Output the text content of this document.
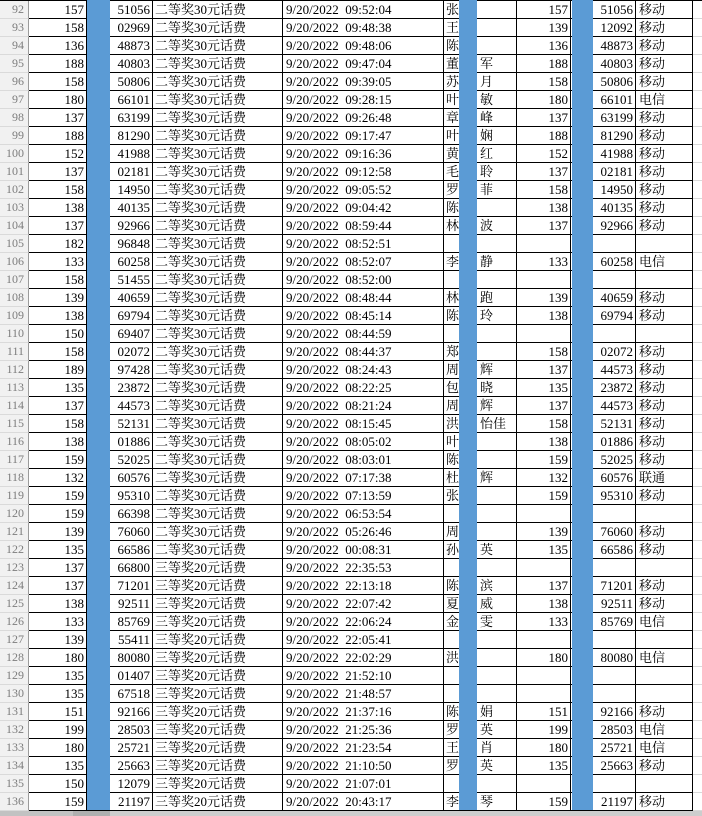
92	157	51056 二等奖30元话费	9/20/2022  09:52:04	张	157	51056 移动
93	158	02969 二等奖30元话费	9/20/2022  09:48:38	王	139	12092 移动
94	136	48873 二等奖30元话费	9/20/2022  09:48:06	陈	136	48873 移动
95	188	40803 二等奖30元话费	9/20/2022  09:47:04	董 军	188	40803 移动
96	158	50806 二等奖30元话费	9/20/2022  09:39:05	苏 月	158	50806 移动
97	180	66101 二等奖30元话费	9/20/2022  09:28:15	叶 敏	180	66101 电信
98	137	63199 二等奖30元话费	9/20/2022  09:26:48	章 峰	137	63199 移动
99	188	81290 二等奖30元话费	9/20/2022  09:17:47	叶 娴	188	81290 移动
100	152	41988 二等奖30元话费	9/20/2022  09:16:36	黄 红	152	41988 移动
101	137	02181 二等奖30元话费	9/20/2022  09:12:58	毛 聆	137	02181 移动
102	158	14950 二等奖30元话费	9/20/2022  09:05:52	罗 菲	158	14950 移动
103	138	40135 二等奖30元话费	9/20/2022  09:04:42	陈	138	40135 移动
104	137	92966 二等奖30元话费	9/20/2022  08:59:44	林 波	137	92966 移动
105	182	96848 二等奖30元话费	9/20/2022  08:52:51
106	133	60258 二等奖30元话费	9/20/2022  08:52:07	李 静	133	60258 电信
107	158	51455 二等奖30元话费	9/20/2022  08:52:00
108	139	40659 二等奖30元话费	9/20/2022  08:48:44	林 跑	139	40659 移动
109	138	69794 二等奖30元话费	9/20/2022  08:45:14	陈 玲	138	69794 移动
110	150	69407 二等奖30元话费	9/20/2022  08:44:59
111	158	02072 二等奖30元话费	9/20/2022  08:44:37	郑	158	02072 移动
112	189	97428 二等奖30元话费	9/20/2022  08:24:43	周 辉	137	44573 移动
113	135	23872 二等奖30元话费	9/20/2022  08:22:25	包 晓	135	23872 移动
114	137	44573 二等奖30元话费	9/20/2022  08:21:24	周 辉	137	44573 移动
115	158	52131 二等奖30元话费	9/20/2022  08:15:45	洪 怡佳	158	52131 移动
116	138	01886 二等奖30元话费	9/20/2022  08:05:02	叶	138	01886 移动
117	159	52025 二等奖30元话费	9/20/2022  08:03:01	陈	159	52025 移动
118	132	60576 二等奖30元话费	9/20/2022  07:17:38	杜 辉	132	60576 联通
119	159	95310 二等奖30元话费	9/20/2022  07:13:59	张	159	95310 移动
120	159	66398 二等奖30元话费	9/20/2022  06:53:54
121	139	76060 二等奖30元话费	9/20/2022  05:26:46	周	139	76060 移动
122	135	66586 二等奖30元话费	9/20/2022  00:08:31	孙 英	135	66586 移动
123	137	66800 三等奖20元话费	9/20/2022  22:35:53
124	137	71201 三等奖20元话费	9/20/2022  22:13:18	陈 滨	137	71201 移动
125	138	92511 三等奖20元话费	9/20/2022  22:07:42	夏 威	138	92511 移动
126	133	85769 三等奖20元话费	9/20/2022  22:06:24	金 雯	133	85769 电信
127	139	55411 三等奖20元话费	9/20/2022  22:05:41
128	180	80080 三等奖20元话费	9/20/2022  22:02:29	洪	180	80080 电信
129	135	01407 三等奖20元话费	9/20/2022  21:52:10
130	135	67518 三等奖20元话费	9/20/2022  21:48:57
131	151	92166 三等奖20元话费	9/20/2022  21:37:16	陈 娟	151	92166 移动
132	199	28503 三等奖20元话费	9/20/2022  21:25:36	罗 英	199	28503 电信
133	180	25721 三等奖20元话费	9/20/2022  21:23:54	王 肖	180	25721 电信
134	135	25663 三等奖20元话费	9/20/2022  21:10:50	罗 英	135	25663 移动
135	150	12079 三等奖20元话费	9/20/2022  21:07:01
136	159	21197 三等奖20元话费	9/20/2022  20:43:17	李 琴	159	21197 移动
